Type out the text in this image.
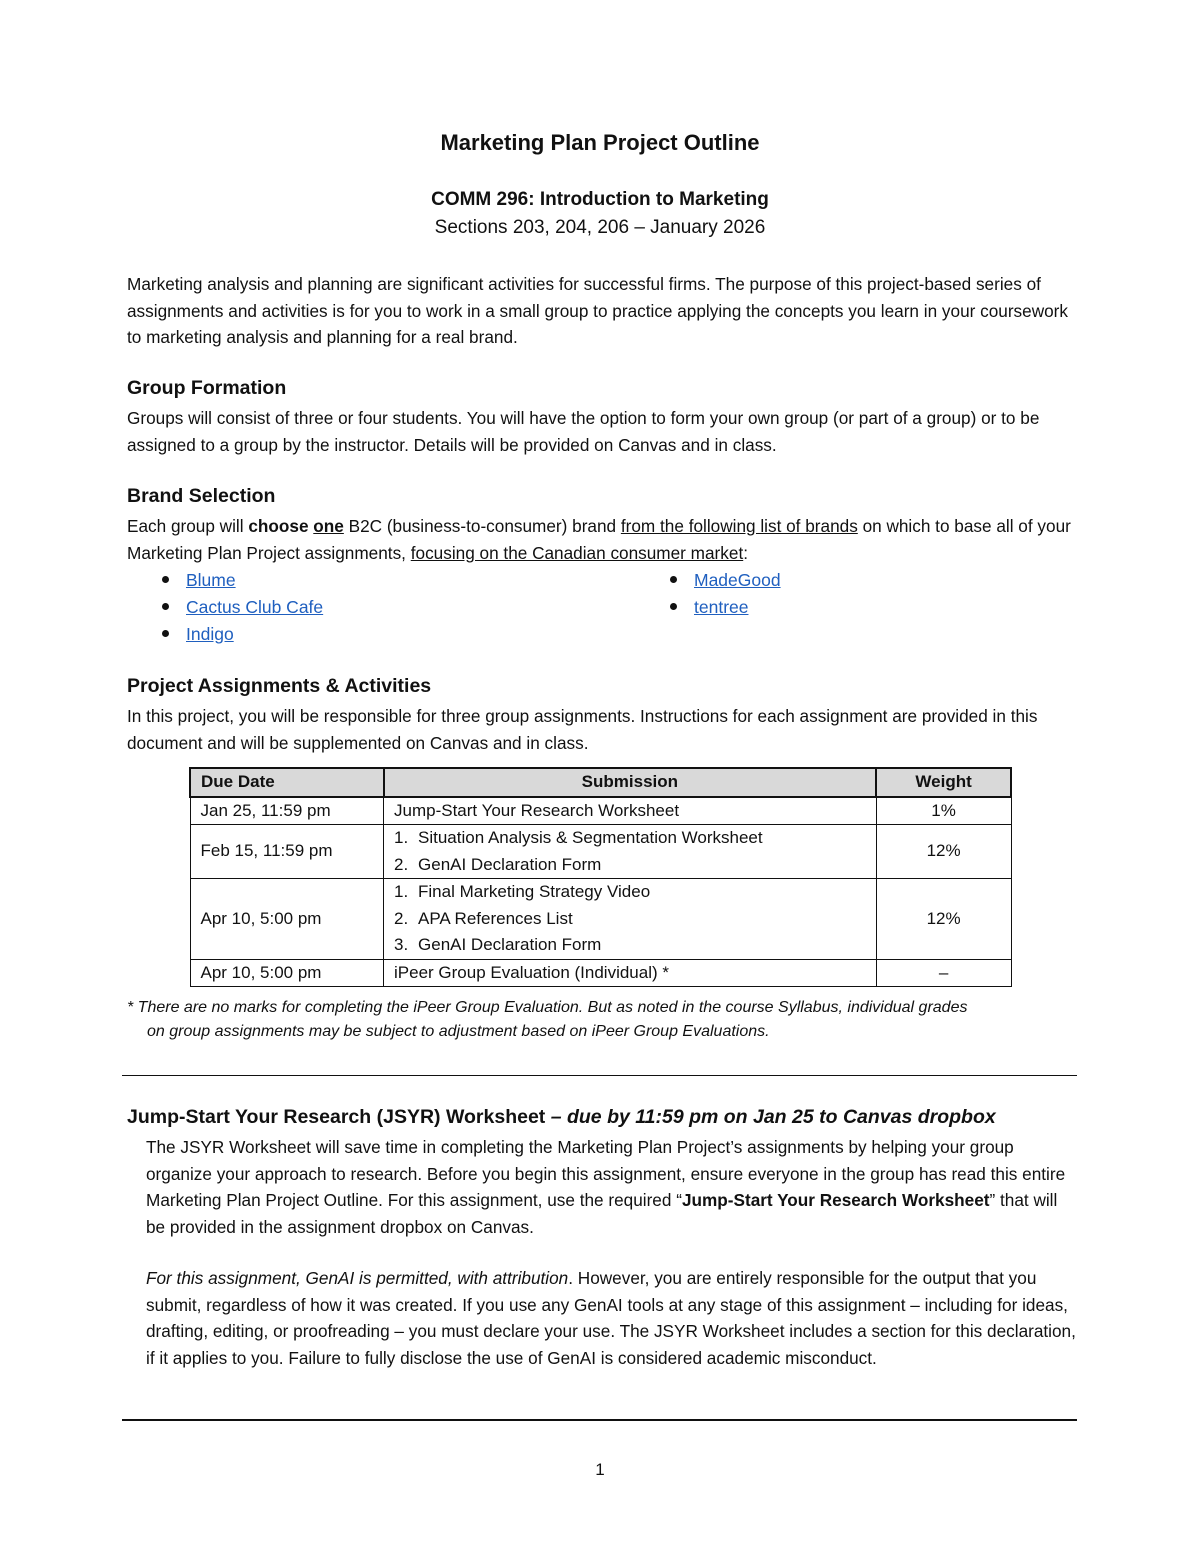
Marketing Plan Project Outline
COMM 296: Introduction to Marketing
Sections 203, 204, 206 – January 2026

Marketing analysis and planning are significant activities for successful firms. The purpose of this project-based series of assignments and activities is for you to work in a small group to practice applying the concepts you learn in your coursework to marketing analysis and planning for a real brand.

Group Formation

Groups will consist of three or four students. You will have the option to form your own group (or part of a group) or to be assigned to a group by the instructor. Details will be provided on Canvas and in class.

Brand Selection

Each group will choose one B2C (business-to-consumer) brand from the following list of brands on which to base all of your Marketing Plan Project assignments, focusing on the Canadian consumer market:

Blume
Cactus Club Cafe
Indigo
MadeGood
tentree
Project Assignments & Activities

In this project, you will be responsible for three group assignments. Instructions for each assignment are provided in this document and will be supplemented on Canvas and in class.

Due Date	Submission	Weight
Jan 25, 11:59 pm	Jump-Start Your Research Worksheet	1%
Feb 15, 11:59 pm	1. Situation Analysis & Segmentation Worksheet
2. GenAI Declaration Form	12%
Apr 10, 5:00 pm	1. Final Marketing Strategy Video
2. APA References List
3. GenAI Declaration Form	12%
Apr 10, 5:00 pm	iPeer Group Evaluation (Individual) *	–

* There are no marks for completing the iPeer Group Evaluation. But as noted in the course Syllabus, individual grades
on group assignments may be subject to adjustment based on iPeer Group Evaluations.

Jump-Start Your Research (JSYR) Worksheet – due by 11:59 pm on Jan 25 to Canvas dropbox

The JSYR Worksheet will save time in completing the Marketing Plan Project’s assignments by helping your group organize your approach to research. Before you begin this assignment, ensure everyone in the group has read this entire Marketing Plan Project Outline. For this assignment, use the required “Jump-Start Your Research Worksheet” that will be provided in the assignment dropbox on Canvas.

For this assignment, GenAI is permitted, with attribution. However, you are entirely responsible for the output that you submit, regardless of how it was created. If you use any GenAI tools at any stage of this assignment – including for ideas, drafting, editing, or proofreading – you must declare your use. The JSYR Worksheet includes a section for this declaration, if it applies to you. Failure to fully disclose the use of GenAI is considered academic misconduct.

1
